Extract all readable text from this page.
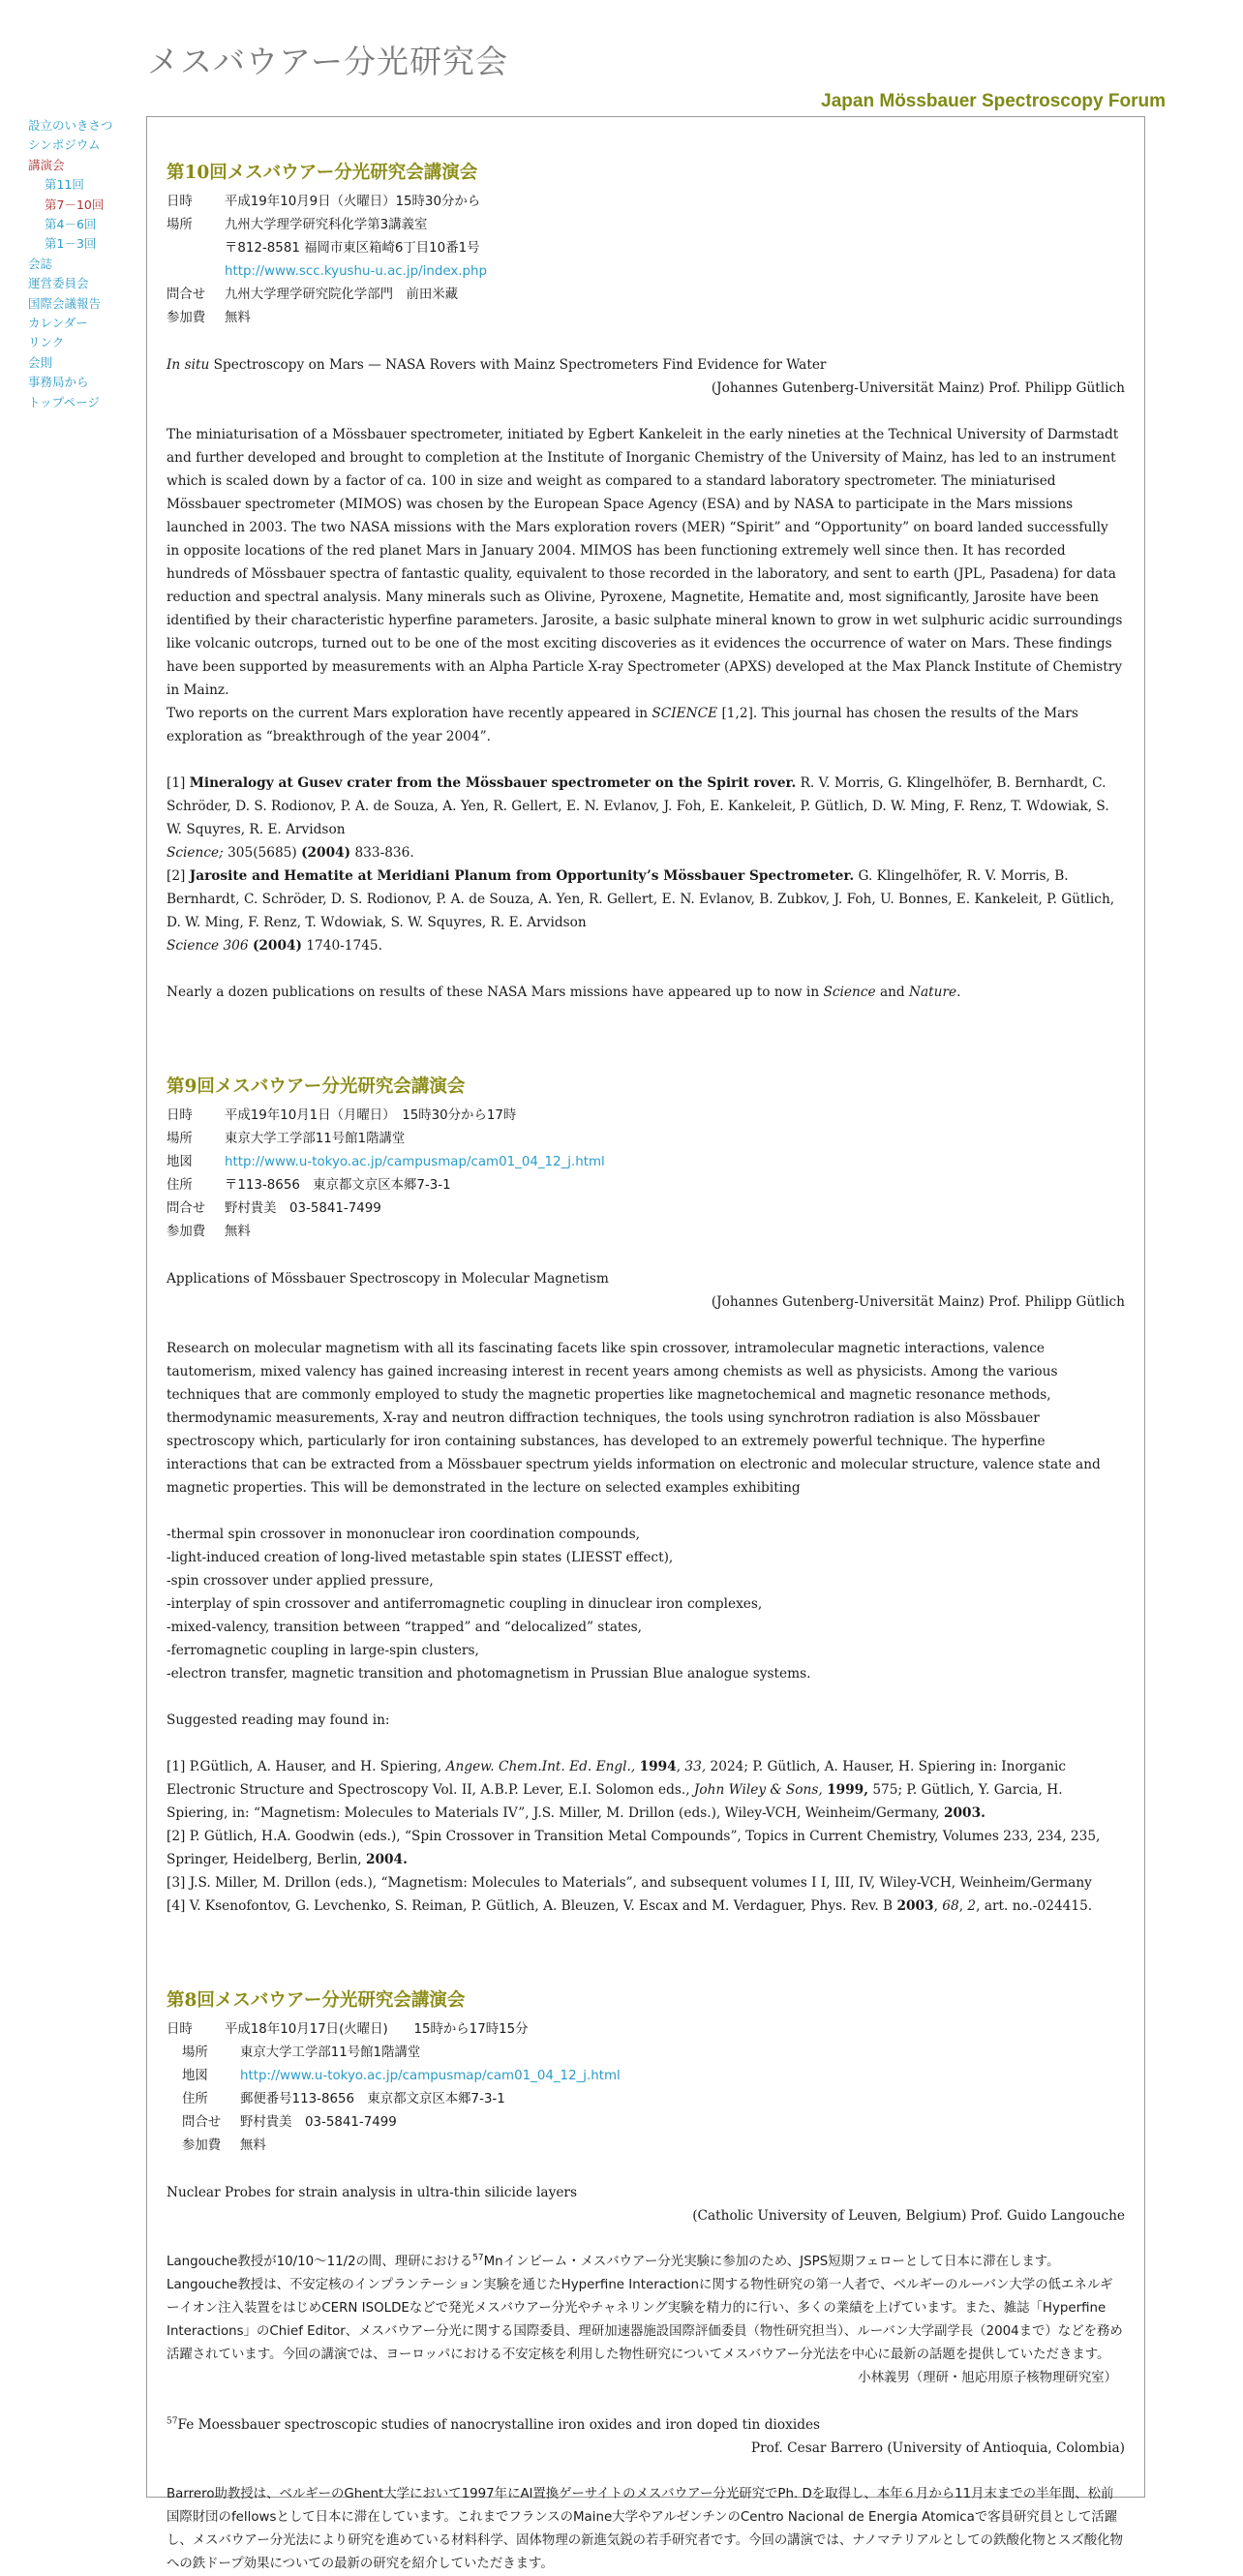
メスバウアー分光研究会
Japan Mössbauer Spectroscopy Forum
設立のいきさつ
シンポジウム
講演会
第11回
第7－10回
第4－6回
第1－3回
会誌
運営委員会
国際会議報告
カレンダー
リンク
会則
事務局から
トップページ
第10回メスバウアー分光研究会講演会
日時	平成19年10月9日（火曜日）15時30分から
場所	九州大学理学研究科化学第3講義室
〒812-8581 福岡市東区箱崎6丁目10番1号
http://www.scc.kyushu-u.ac.jp/index.php
問合せ	九州大学理学研究院化学部門　前田米藏
参加費	無料

In situ Spectroscopy on Mars — NASA Rovers with Mainz Spectrometers Find Evidence for Water

(Johannes Gutenberg-Universität Mainz) Prof. Philipp Gütlich

The miniaturisation of a Mössbauer spectrometer, initiated by Egbert Kankeleit in the early nineties at the Technical University of Darmstadt and further developed and brought to completion at the Institute of Inorganic Chemistry of the University of Mainz, has led to an instrument which is scaled down by a factor of ca. 100 in size and weight as compared to a standard laboratory spectrometer. The miniaturised Mössbauer spectrometer (MIMOS) was chosen by the European Space Agency (ESA) and by NASA to participate in the Mars missions launched in 2003. The two NASA missions with the Mars exploration rovers (MER) “Spirit” and “Opportunity” on board landed successfully in opposite locations of the red planet Mars in January 2004. MIMOS has been functioning extremely well since then. It has recorded hundreds of Mössbauer spectra of fantastic quality, equivalent to those recorded in the laboratory, and sent to earth (JPL, Pasadena) for data reduction and spectral analysis. Many minerals such as Olivine, Pyroxene, Magnetite, Hematite and, most significantly, Jarosite have been identified by their characteristic hyperfine parameters. Jarosite, a basic sulphate mineral known to grow in wet sulphuric acidic surroundings like volcanic outcrops, turned out to be one of the most exciting discoveries as it evidences the occurrence of water on Mars. These findings have been supported by measurements with an Alpha Particle X-ray Spectrometer (APXS) developed at the Max Planck Institute of Chemistry in Mainz.

Two reports on the current Mars exploration have recently appeared in SCIENCE [1,2]. This journal has chosen the results of the Mars exploration as “breakthrough of the year 2004”.

[1] Mineralogy at Gusev crater from the Mössbauer spectrometer on the Spirit rover. R. V. Morris, G. Klingelhöfer, B. Bernhardt, C. Schröder, D. S. Rodionov, P. A. de Souza, A. Yen, R. Gellert, E. N. Evlanov, J. Foh, E. Kankeleit, P. Gütlich, D. W. Ming, F. Renz, T. Wdowiak, S. W. Squyres, R. E. Arvidson

Science; 305(5685) (2004) 833-836.

[2] Jarosite and Hematite at Meridiani Planum from Opportunity’s Mössbauer Spectrometer. G. Klingelhöfer, R. V. Morris, B. Bernhardt, C. Schröder, D. S. Rodionov, P. A. de Souza, A. Yen, R. Gellert, E. N. Evlanov, B. Zubkov, J. Foh, U. Bonnes, E. Kankeleit, P. Gütlich, D. W. Ming, F. Renz, T. Wdowiak, S. W. Squyres, R. E. Arvidson

Science 306 (2004) 1740-1745.

Nearly a dozen publications on results of these NASA Mars missions have appeared up to now in Science and Nature.

第9回メスバウアー分光研究会講演会
日時	平成19年10月1日（月曜日）　15時30分から17時
場所	東京大学工学部11号館1階講堂
地図	http://www.u-tokyo.ac.jp/campusmap/cam01_04_12_j.html
住所	〒113-8656　東京都文京区本郷7-3-1
問合せ	野村貴美　03-5841-7499
参加費	無料

Applications of Mössbauer Spectroscopy in Molecular Magnetism

(Johannes Gutenberg-Universität Mainz) Prof. Philipp Gütlich

Research on molecular magnetism with all its fascinating facets like spin crossover, intramolecular magnetic interactions, valence tautomerism, mixed valency has gained increasing interest in recent years among chemists as well as physicists. Among the various techniques that are commonly employed to study the magnetic properties like magnetochemical and magnetic resonance methods, thermodynamic measurements, X-ray and neutron diffraction techniques, the tools using synchrotron radiation is also Mössbauer spectroscopy which, particularly for iron containing substances, has developed to an extremely powerful technique. The hyperfine interactions that can be extracted from a Mössbauer spectrum yields information on electronic and molecular structure, valence state and magnetic properties. This will be demonstrated in the lecture on selected examples exhibiting

-thermal spin crossover in mononuclear iron coordination compounds,

-light-induced creation of long-lived metastable spin states (LIESST effect),

-spin crossover under applied pressure,

-interplay of spin crossover and antiferromagnetic coupling in dinuclear iron complexes,

-mixed-valency, transition between “trapped” and “delocalized” states,

-ferromagnetic coupling in large-spin clusters,

-electron transfer, magnetic transition and photomagnetism in Prussian Blue analogue systems.

Suggested reading may found in:

[1] P.Gütlich, A. Hauser, and H. Spiering, Angew. Chem.Int. Ed. Engl., 1994, 33, 2024; P. Gütlich, A. Hauser, H. Spiering in: Inorganic Electronic Structure and Spectroscopy Vol. II, A.B.P. Lever, E.I. Solomon eds., John Wiley & Sons, 1999, 575; P. Gütlich, Y. Garcia, H. Spiering, in: “Magnetism: Molecules to Materials IV”, J.S. Miller, M. Drillon (eds.), Wiley-VCH, Weinheim/Germany, 2003.

[2] P. Gütlich, H.A. Goodwin (eds.), “Spin Crossover in Transition Metal Compounds”, Topics in Current Chemistry, Volumes 233, 234, 235, Springer, Heidelberg, Berlin, 2004.

[3] J.S. Miller, M. Drillon (eds.), “Magnetism: Molecules to Materials”, and subsequent volumes I I, III, IV, Wiley-VCH, Weinheim/Germany

[4] V. Ksenofontov, G. Levchenko, S. Reiman, P. Gütlich, A. Bleuzen, V. Escax and M. Verdaguer, Phys. Rev. B 2003, 68, 2, art. no.-024415.

第8回メスバウアー分光研究会講演会
日時	平成18年10月17日(火曜日)　　15時から17時15分
場所	東京大学工学部11号館1階講堂
地図	http://www.u-tokyo.ac.jp/campusmap/cam01_04_12_j.html
住所	郵便番号113-8656　東京都文京区本郷7-3-1
問合せ	野村貴美　03-5841-7499
参加費	無料

Nuclear Probes for strain analysis in ultra-thin silicide layers

(Catholic University of Leuven, Belgium) Prof. Guido Langouche

Langouche教授が10/10～11/2の間、理研における$^{57}$Mnインビーム・メスバウアー分光実験に参加のため、JSPS短期フェローとして日本に滞在します。Langouche教授は、不安定核のインプランテーション実験を通じたHyperfine Interactionに関する物性研究の第一人者で、ベルギーのルーバン大学の低エネルギーイオン注入装置をはじめCERN ISOLDEなどで発光メスバウアー分光やチャネリング実験を精力的に行い、多くの業績を上げています。また、雑誌「Hyperfine　Interactions」のChief Editor、メスバウアー分光に関する国際委員、理研加速器施設国際評価委員（物性研究担当）、ルーバン大学副学長（2004まで）などを務め活躍されています。今回の講演では、ヨーロッパにおける不安定核を利用した物性研究についてメスバウアー分光法を中心に最新の話題を提供していただきます。

小林義男（理研・旭応用原子核物理研究室）

$^{57}$Fe Moessbauer spectroscopic studies of nanocrystalline iron oxides and iron doped tin dioxides

Prof. Cesar Barrero (University of Antioquia, Colombia)

Barrero助教授は、ベルギーのGhent大学において1997年にAl置換ゲーサイトのメスバウアー分光研究でPh. Dを取得し、本年６月から11月末までの半年間、松前国際財団のfellowsとして日本に滞在しています。これまでフランスのMaine大学やアルゼンチンのCentro Nacional de Energia Atomicaで客員研究員として活躍し、メスバウアー分光法により研究を進めている材料科学、固体物理の新進気鋭の若手研究者です。今回の講演では、ナノマテリアルとしての鉄酸化物とスズ酸化物への鉄ドープ効果についての最新の研究を紹介していただきます。
